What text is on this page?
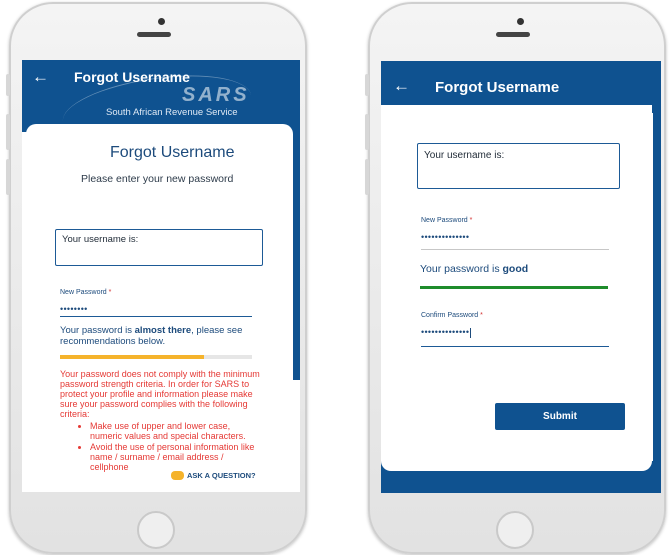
← Forgot Username
SARS
South African Revenue Service
Forgot Username
Please enter your new password
Your username is:
New Password *
••••••••
Your password is almost there, please see recommendations below.
Your password does not comply with the minimum password strength criteria. In order for SARS to protect your profile and information please make sure your password complies with the following criteria:
• Make use of upper and lower case, numeric values and special characters.
• Avoid the use of personal information like name / surname / email address / cellphone
ASK A QUESTION?
← Forgot Username
Your username is:
New Password *
••••••••••••••
Your password is good
Confirm Password *
••••••••••••••
Submit
